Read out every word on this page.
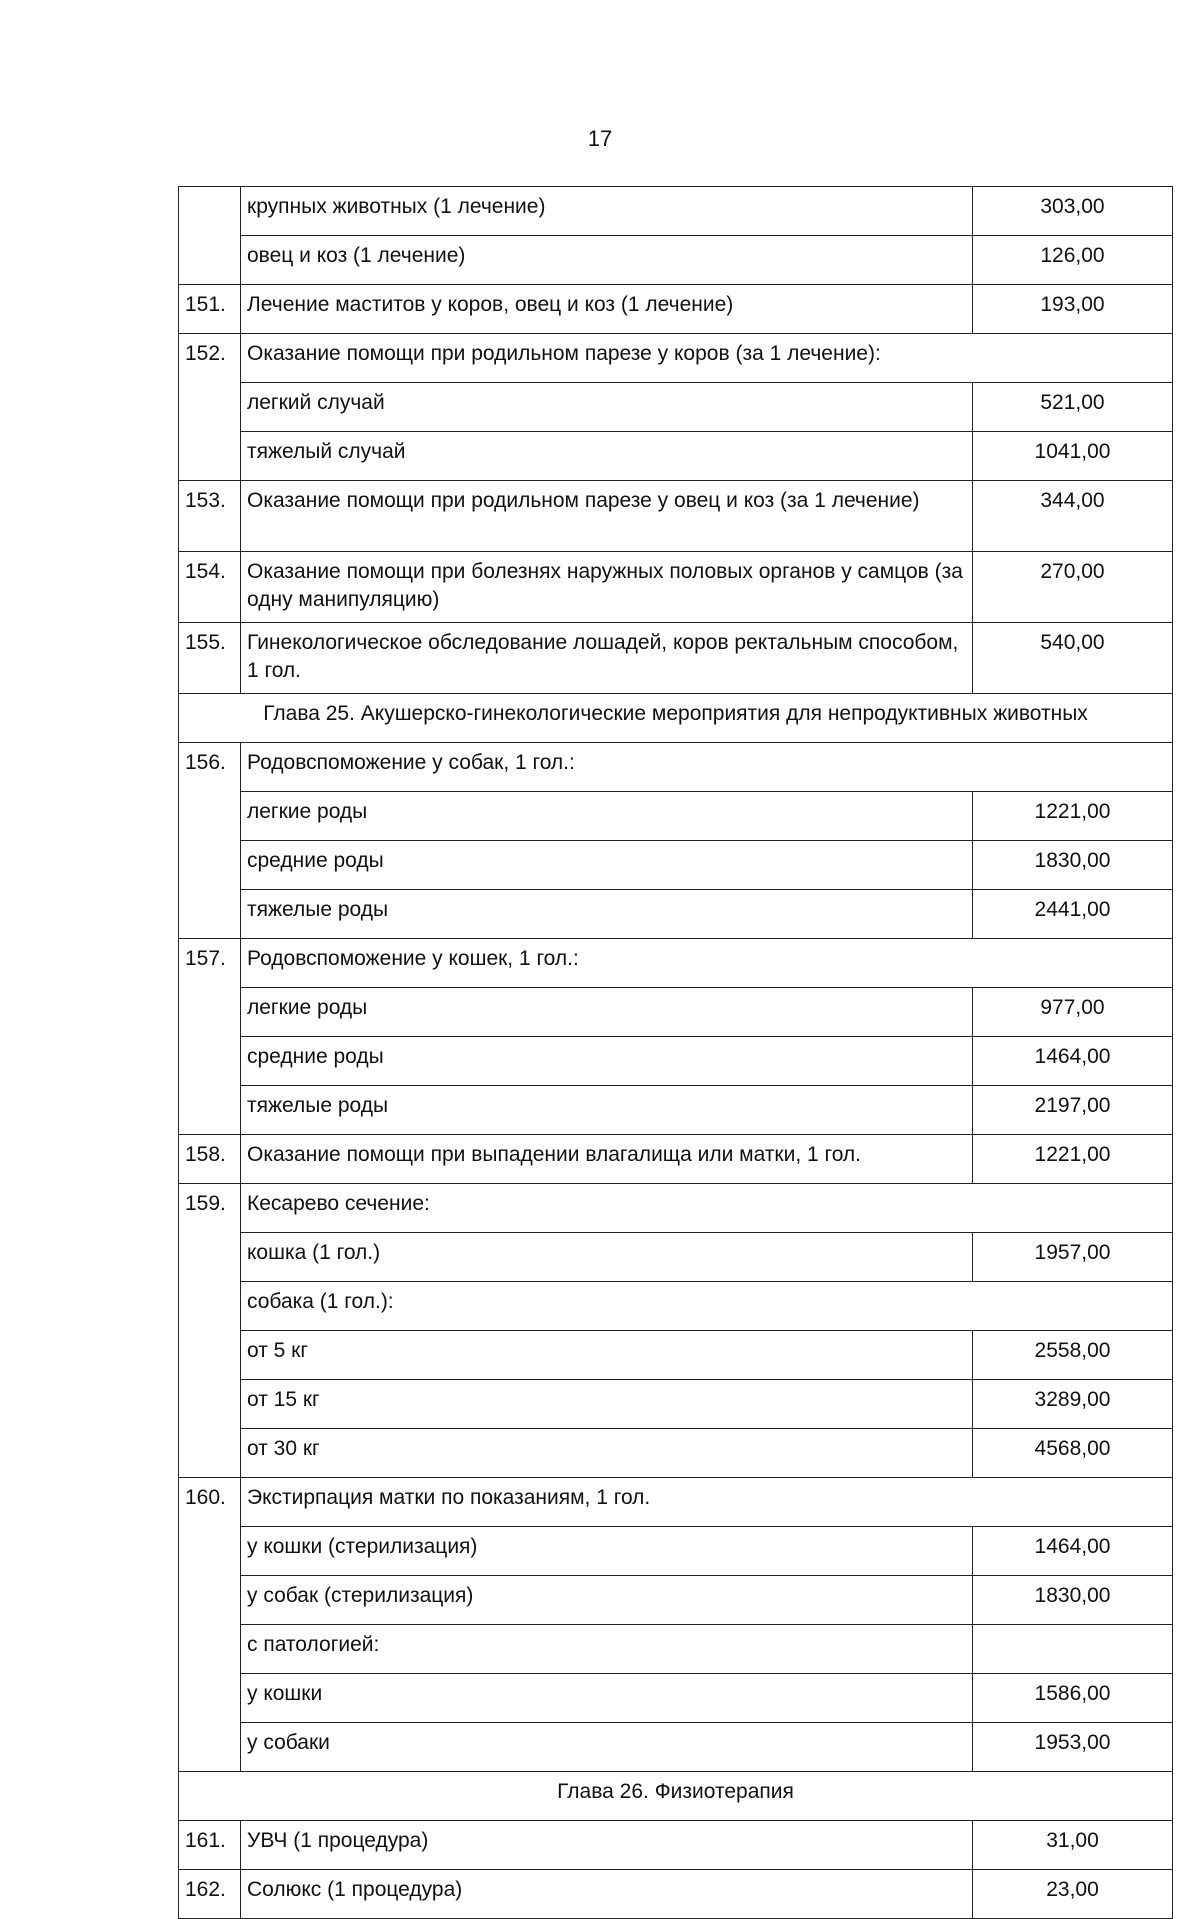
17
	крупных животных (1 лечение)	303,00
	овец и коз (1 лечение)	126,00
151.	Лечение маститов у коров, овец и коз (1 лечение)	193,00
152.	Оказание помощи при родильном парезе у коров (за 1 лечение):	
	легкий случай	521,00
	тяжелый случай	1041,00
153.	Оказание помощи при родильном парезе у овец и коз (за 1 лечение)	344,00
154.	Оказание помощи при болезнях наружных половых органов у самцов (за одну манипуляцию)	270,00
155.	Гинекологическое обследование лошадей, коров ректальным способом, 1 гол.	540,00
Глава 25. Акушерско-гинекологические мероприятия для непродуктивных животных		
156.	Родовспоможение у собак, 1 гол.:	
	легкие роды	1221,00
	средние роды	1830,00
	тяжелые роды	2441,00
157.	Родовспоможение у кошек, 1 гол.:	
	легкие роды	977,00
	средние роды	1464,00
	тяжелые роды	2197,00
158.	Оказание помощи при выпадении влагалища или матки, 1 гол.	1221,00
159.	Кесарево сечение:	
	кошка (1 гол.)	1957,00
	собака (1 гол.):	
	от 5 кг	2558,00
	от 15 кг	3289,00
	от 30 кг	4568,00
160.	Экстирпация матки по показаниям, 1 гол.	
	у кошки (стерилизация)	1464,00
	у собак (стерилизация)	1830,00
	с патологией:	
	у кошки	1586,00
	у собаки	1953,00
Глава 26. Физиотерапия		
161.	УВЧ (1 процедура)	31,00
162.	Солюкс (1 процедура)	23,00
